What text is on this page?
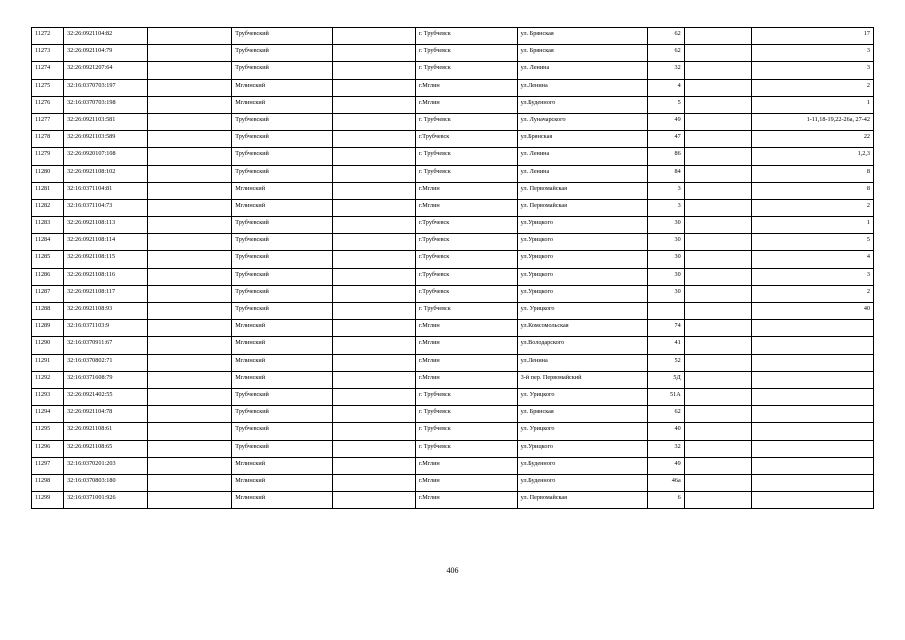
11272	32:26:0921104:82		Трубчевский		г. Трубчевск	ул. Брянская	62		17
11273	32:26:0921104:79		Трубчевский		г. Трубчевск	ул. Брянская	62		3
11274	32:26:0921207:64		Трубчевский		г. Трубчевск	ул. Ленина	32		3
11275	32:16:0370703:197		Мглинский		г.Мглин	ул.Ленина	4		2
11276	32:16:0370703:198		Мглинский		г.Мглин	ул.Буденного	5		1
11277	32:26:0921103:581		Трубчевский		г. Трубчевск	ул. Луначарского	49		1-11,18-19,22-26а, 27-42
11278	32:26:0921103:589		Трубчевский		г.Трубчевск	ул.Брянская	47		22
11279	32:26:0920107:108		Трубчевский		г. Трубчевск	ул. Ленина	86		1,2,3
11280	32:26:0921108:102		Трубчевский		г. Трубчевск	ул. Ленина	84		8
11281	32:16:0371104:81		Мглинский		г.Мглин	ул. Первомайская	3		8
11282	32:16:0371104:73		Мглинский		г.Мглин	ул. Первомайская	3		2
11283	32:26:0921108:113		Трубчевский		г.Трубчевск	ул.Урицкого	30		1
11284	32:26:0921108:114		Трубчевский		г.Трубчевск	ул.Урицкого	30		5
11285	32:26:0921108:115		Трубчевский		г.Трубчевск	ул.Урицкого	30		4
11286	32:26:0921108:116		Трубчевский		г.Трубчевск	ул.Урицкого	30		3
11287	32:26:0921108:117		Трубчевский		г.Трубчевск	ул.Урицкого	30		2
11288	32:26:0921108:93		Трубчевский		г. Трубчевск	ул. Урицкого			40
11289	32:16:0371103:9		Мглинский		г.Мглин	ул.Комсомольская	74		
11290	32:16:0370911:67		Мглинский		г.Мглин	ул.Володарского	41		
11291	32:16:0370802:71		Мглинский		г.Мглин	ул.Ленина	52		
11292	32:16:0371608:79		Мглинский		г.Мглин	3-й пер. Первомайский	5Д		
11293	32:26:0921402:55		Трубчевский		г. Трубчевск	ул. Урицкого	51А		
11294	32:26:0921104:78		Трубчевский		г. Трубчевск	ул. Брянская	62		
11295	32:26:0921108:61		Трубчевский		г. Трубчевск	ул. Урицкого	40		
11296	32:26:0921108:65		Трубчевский		г. Трубчевск	ул.Урицкого	32		
11297	32:16:0370201:203		Мглинский		г.Мглин	ул.Буденного	49		
11298	32:16:0370803:180		Мглинский		г.Мглин	ул.Буденного	46а		
11299	32:16:0371001:926		Мглинский		г.Мглин	ул. Первомайская	6		
406
